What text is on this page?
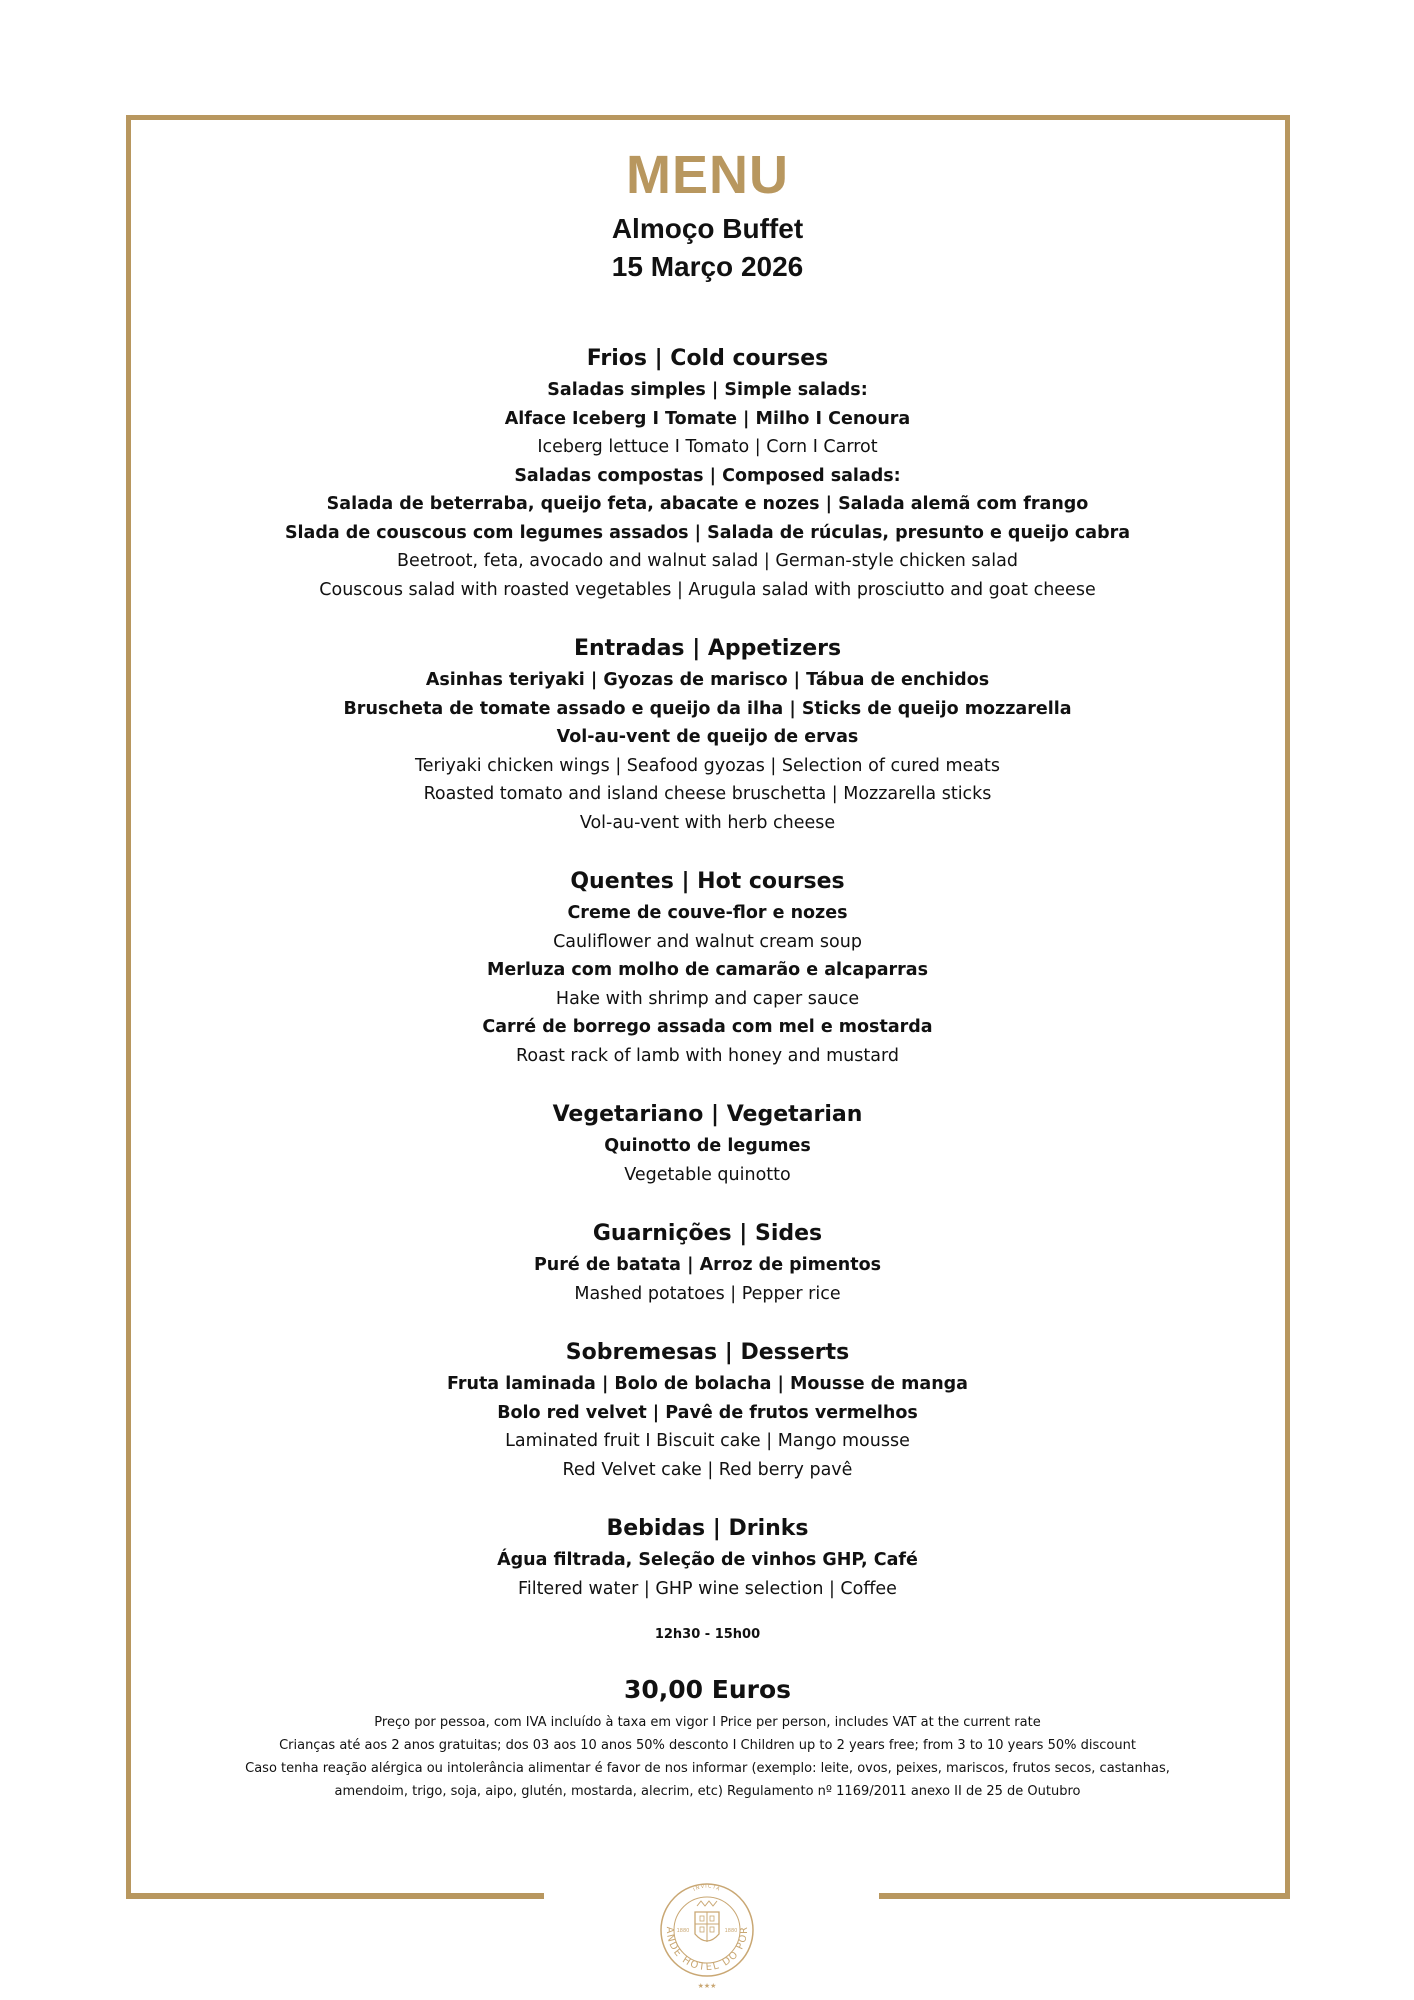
MENU
Almoço Buffet
15 Março 2026
Frios | Cold courses
Saladas simples | Simple salads:
Alface Iceberg I Tomate | Milho I Cenoura
Iceberg lettuce I Tomato | Corn I Carrot
Saladas compostas | Composed salads:
Salada de beterraba, queijo feta, abacate e nozes | Salada alemã com frango
Slada de couscous com legumes assados | Salada de rúculas, presunto e queijo cabra
Beetroot, feta, avocado and walnut salad | German-style chicken salad
Couscous salad with roasted vegetables | Arugula salad with prosciutto and goat cheese
Entradas | Appetizers
Asinhas teriyaki | Gyozas de marisco | Tábua de enchidos
Bruscheta de tomate assado e queijo da ilha | Sticks de queijo mozzarella
Vol-au-vent de queijo de ervas
Teriyaki chicken wings | Seafood gyozas | Selection of cured meats
Roasted tomato and island cheese bruschetta | Mozzarella sticks
Vol-au-vent with herb cheese
Quentes | Hot courses
Creme de couve-flor e nozes
Cauliflower and walnut cream soup
Merluza com molho de camarão e alcaparras
Hake with shrimp and caper sauce
Carré de borrego assada com mel e mostarda
Roast rack of lamb with honey and mustard
Vegetariano | Vegetarian
Quinotto de legumes
Vegetable quinotto
Guarnições | Sides
Puré de batata | Arroz de pimentos
Mashed potatoes | Pepper rice
Sobremesas | Desserts
Fruta laminada | Bolo de bolacha | Mousse de manga
Bolo red velvet | Pavê de frutos vermelhos
Laminated fruit I Biscuit cake | Mango mousse
Red Velvet cake | Red berry pavê
Bebidas | Drinks
Água filtrada, Seleção de vinhos GHP, Café
Filtered water | GHP wine selection | Coffee
12h30 - 15h00
30,00 Euros
Preço por pessoa, com IVA incluído à taxa em vigor I Price per person, includes VAT at the current rate
Crianças até aos 2 anos gratuitas; dos 03 aos 10 anos 50% desconto I Children up to 2 years free; from 3 to 10 years 50% discount
Caso tenha reação alérgica ou intolerância alimentar é favor de nos informar (exemplo: leite, ovos, peixes, mariscos, frutos secos, castanhas,
amendoim, trigo, soja, aipo, glutén, mostarda, alecrim, etc) Regulamento nº 1169/2011 anexo II de 25 de Outubro
ANDE HOTEL DO POR
INVICTA
1880	1880
★★★
